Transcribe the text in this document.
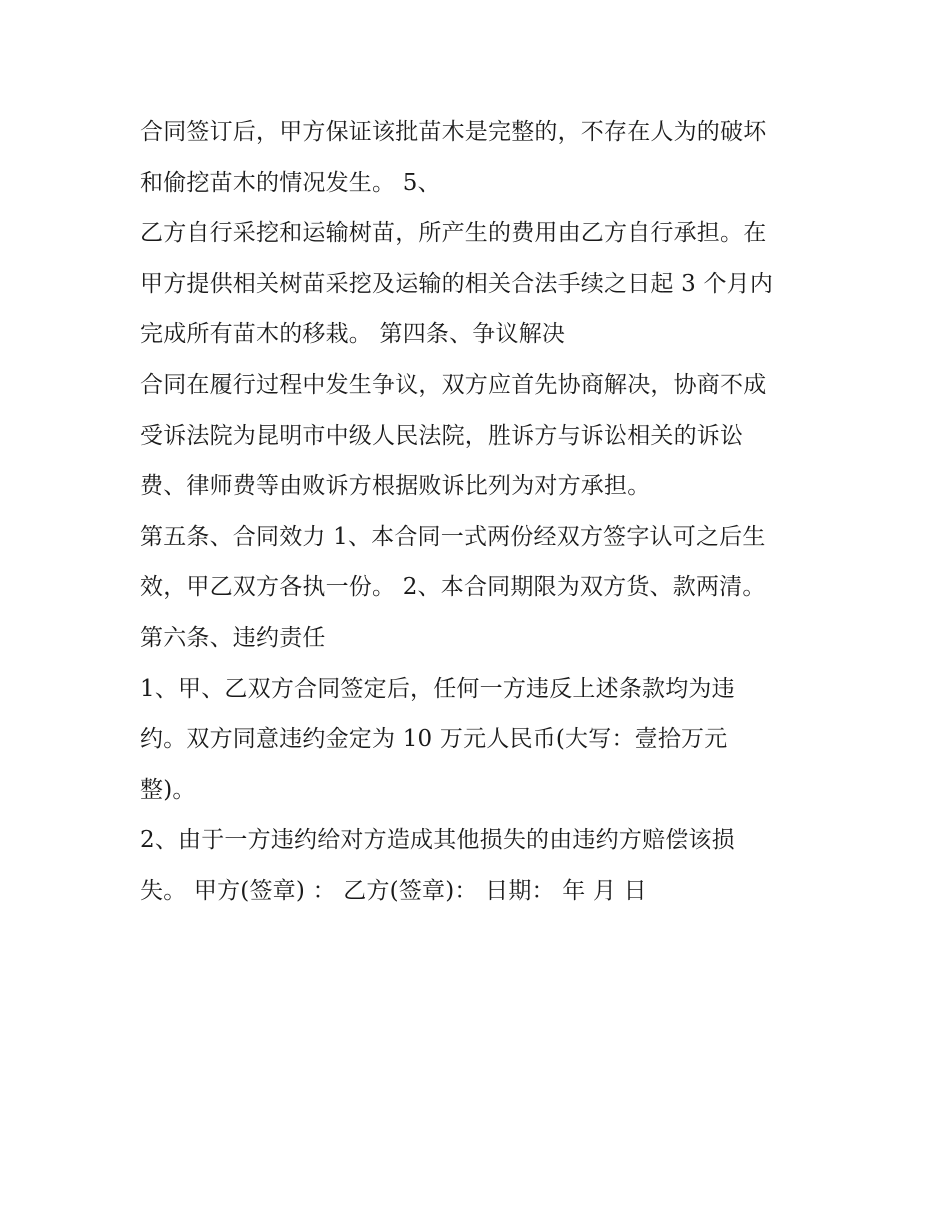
合同签订后，甲方保证该批苗木是完整的，不存在人为的破坏
和偷挖苗木的情况发生。 5、
乙方自行采挖和运输树苗，所产生的费用由乙方自行承担。在
甲方提供相关树苗采挖及运输的相关合法手续之日起 3 个月内
完成所有苗木的移栽。 第四条、争议解决
合同在履行过程中发生争议，双方应首先协商解决，协商不成
受诉法院为昆明市中级人民法院，胜诉方与诉讼相关的诉讼
费、律师费等由败诉方根据败诉比列为对方承担。
第五条、合同效力 1、本合同一式两份经双方签字认可之后生
效，甲乙双方各执一份。 2、本合同期限为双方货、款两清。
第六条、违约责任
1、甲、乙双方合同签定后，任何一方违反上述条款均为违
约。双方同意违约金定为 10 万元人民币(大写：壹拾万元
整)。
2、由于一方违约给对方造成其他损失的由违约方赔偿该损
失。 甲方(签章) ： 乙方(签章)： 日期： 年 月 日
